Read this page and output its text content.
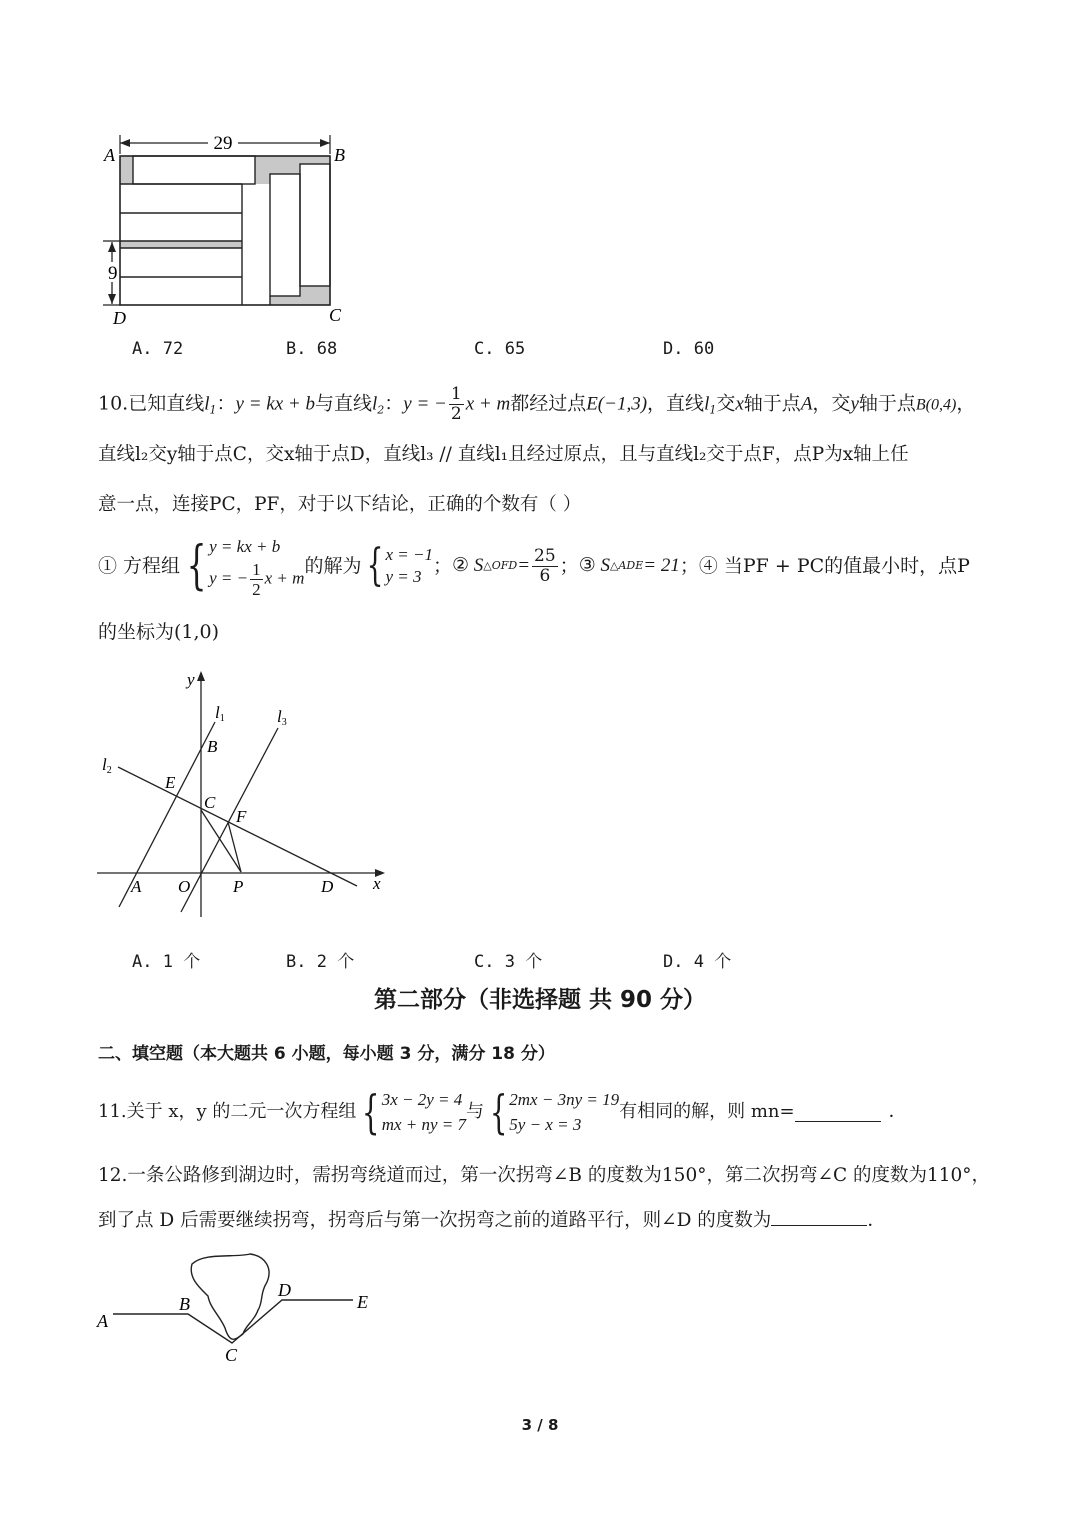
29
9
A	B
C
D
A. 72	B. 68	C. 65	D. 60
10.已知直线$l_1$：y = kx + b与直线$l_2$：y = − $\frac{1}{2}$ x + m都经过点E(−1,3)，直线$l_1$交x轴于点A，交y轴于点B(0,4)，
直线l₂交y轴于点C，交x轴于点D，直线l₃ // 直线l₁且经过原点，且与直线l₂交于点F，点P为x轴上任
意一点，连接PC，PF，对于以下结论，正确的个数有（ ）
① 方程组 { y = kx + b
y = − $\frac{1}{2}$ x + m
的解为 { x = −1
y = 3 ； ② S △OFD = $\frac{25}{6}$ ； ③ S △ADE = 21 ； ④ 当PF + PC的值最小时，点P
的坐标为(1,0)
y
x
l1
l2
l3
B
E
C
F
A O	P	D
A. 1 个	B. 2 个	C. 3 个	D. 4 个
第二部分（非选择题 共 90 分）
二、填空题（本大题共 6 小题，每小题 3 分，满分 18 分）
11. 关于 x，y 的二元一次方程组 { 3x − 2y = 4
mx + ny = 7
与 { 2mx − 3ny = 19
5y − x = 3
有相同的解，则 mn=	．
12.一条公路修到湖边时，需拐弯绕道而过，第一次拐弯∠B 的度数为150°，第二次拐弯∠C 的度数为110°，
到了点 D 后需要继续拐弯，拐弯后与第一次拐弯之前的道路平行，则∠D 的度数为	．
A
B
C
D
E
3 / 8
